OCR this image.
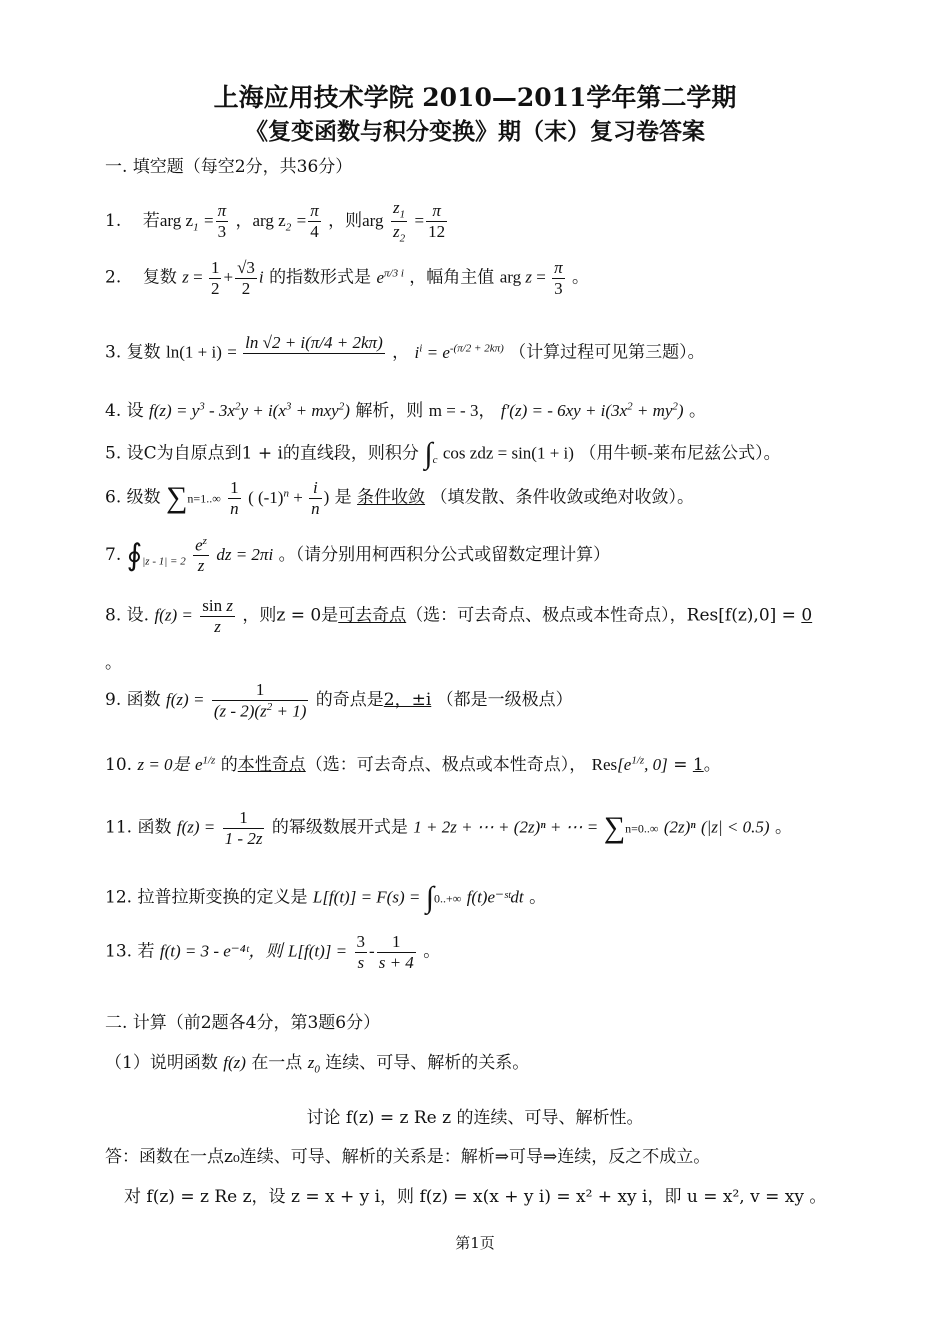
上海应用技术学院 2010—2011学年第二学期
《复变函数与积分变换》期（末）复习卷答案
一. 填空题（每空2分，共36分）
1. 若arg $z_1 = \frac{\pi}{3}$ ，arg $z_2 = \frac{\pi}{4}$ ，则arg $\frac{z_1}{z_2} = \frac{\pi}{12}$
2. 复数 $z = \frac{1}{2} + \frac{√3}{2}$ i 的指数形式是 $e^{\pi/3 i}$ ，幅角主值 arg $z = \frac{\pi}{3}$ 。
3. 复数 ln(1 + i) =
ln √2 + i(π/4 + 2kπ)

， $i^i = e^{-(\pi/2 + 2k\pi)}$ （计算过程可见第三题）。
4. 设 $f(z) = y^3 - 3x^2y + i(x^3 + mxy^2)$ 解析，则 m = - 3， f′(z) = - $6xy + i(3x^2 + my^2)$ 。
5. 设C为自原点到1 + i的直线段，则积分 $\int_c$ cos zdz = sin(1 + i) （用牛顿-莱布尼兹公式）。
6. 级数 $\sum n=1..\infty \frac{1}{n}$ ( $(-1)^n + \frac{i}{n}$ ) 是 条件收敛 （填发散、条件收敛或绝对收敛）。
7. $∮_{|z - 1| = 2} \frac{e^z}{z}$ dz = 2πi 。（请分别用柯西积分公式或留数定理计算）
8. 设. $f(z) = \frac{\text{sin z}}{z}$ ，则z = 0是可去奇点（选：可去奇点、极点或本性奇点），Res[f(z),0] = 0
。
9. 函数 $f(z) = \frac{1}{(z - 2)(z^2 + 1)}$ 的奇点是2，±i （都是一级极点）
10. z = 0是 $e^{1/z}$ 的本性奇点（选：可去奇点、极点或本性奇点）， $Res[e^{1/z}$, 0] = 1。
11. 函数 $f(z) = \frac{1}{1 - 2z}$ 的幂级数展开式是 1 + 2z + ⋯ + (2z)ⁿ + ⋯ = ∑n=0..∞ (2z)ⁿ (|z| < 0.5) 。
12. 拉普拉斯变换的定义是 L[f(t)] = F(s) = ∫0..+∞ f(t)e⁻ˢᵗdt 。
13. 若 f(t) = 3 - e⁻⁴ᵗ，则 $L[f(t)] = \frac{3}{s} - \frac{1}{s + 4}$ 。
二. 计算（前2题各4分，第3题6分）
（1）说明函数 f(z) 在一点 $z_0$ 连续、可导、解析的关系。
讨论 f(z) = z Re z 的连续、可导、解析性。
答：函数在一点z₀连续、可导、解析的关系是：解析⇒可导⇒连续，反之不成立。
对 f(z) = z Re z，设 z = x + y i，则 f(z) = x(x + y i) = x² + xy i，即 u = x², v = xy 。
第1页
